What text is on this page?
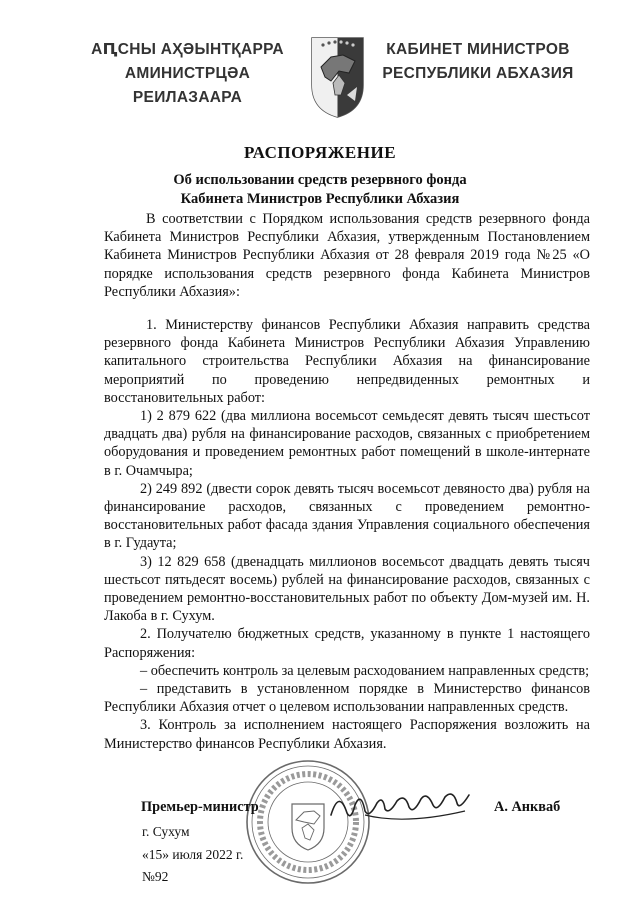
АԤСНЫ АҲӘЫНТҚАРРА
АМИНИСТРЦӘА РЕИЛАЗААРА
КАБИНЕТ МИНИСТРОВ
РЕСПУБЛИКИ АБХАЗИЯ
РАСПОРЯЖЕНИЕ
Об использовании средств резервного фонда
Кабинета Министров Республики Абхазия

В соответствии с Порядком использования средств резервного фонда Кабинета Министров Республики Абхазия, утвержденным Постановлением Кабинета Министров Республики Абхазия от 28 февраля 2019 года №25 «О порядке использования средств резервного фонда Кабинета Министров Республики Абхазия»:

1. Министерству финансов Республики Абхазия направить средства резервного фонда Кабинета Министров Республики Абхазия Управлению капитального строительства Республики Абхазия на финансирование мероприятий по проведению непредвиденных ремонтных и восстановительных работ:

1) 2 879 622 (два миллиона восемьсот семьдесят девять тысяч шестьсот двадцать два) рубля на финансирование расходов, связанных с приобретением оборудования и проведением ремонтных работ помещений в школе-интернате в г. Очамчыра;

2) 249 892 (двести сорок девять тысяч восемьсот девяносто два) рубля на финансирование расходов, связанных с проведением ремонтно-восстановительных работ фасада здания Управления социального обеспечения в г. Гудаута;

3) 12 829 658 (двенадцать миллионов восемьсот двадцать девять тысяч шестьсот пятьдесят восемь) рублей на финансирование расходов, связанных с проведением ремонтно-восстановительных работ по объекту Дом-музей им. Н. Лакоба в г. Сухум.

2. Получателю бюджетных средств, указанному в пункте 1 настоящего Распоряжения:

– обеспечить контроль за целевым расходованием направленных средств;

– представить в установленном порядке в Министерство финансов Республики Абхазия отчет о целевом использовании направленных средств.

3. Контроль за исполнением настоящего Распоряжения возложить на Министерство финансов Республики Абхазия.

Премьер-министр	А. Анкваб
г. Сухум
«15» июля 2022 г.
№92
